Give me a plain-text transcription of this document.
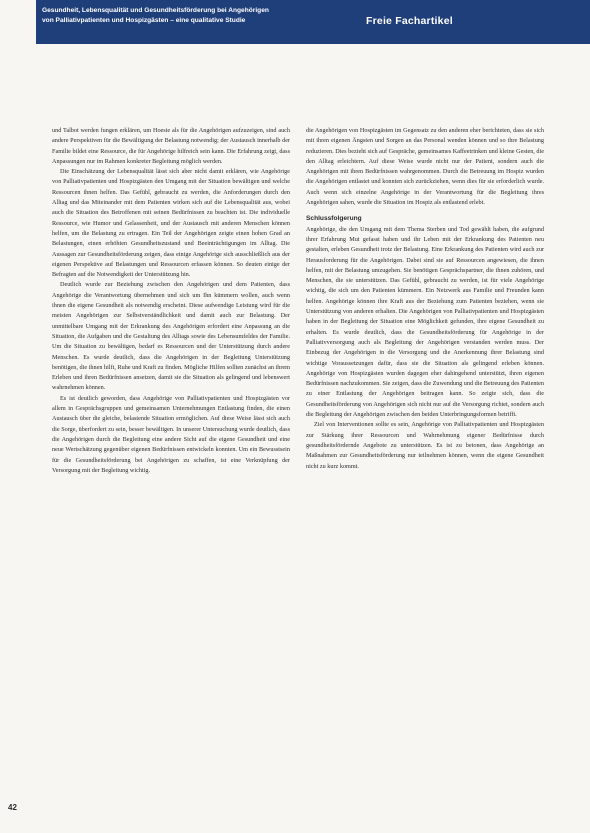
Gesundheit, Lebensqualität und Gesundheitsförderung bei Angehörigen
von Palliativpatienten und Hospizgästen – eine qualitative Studie	Freie Fachartikel

und Talbot werden fungen erklären, um Hoesie als für die Angehörigen aufzuzeigen, sind auch andere Perspektiven für die Bewältigung der Belastung notwendig; der Austausch innerhalb der Familie bildet eine Ressource, die für Angehörige hilfreich sein kann. Die Erfahrung zeigt, dass Anpassungen nur im Rahmen konkreter Begleitung möglich werden.

Die Einschätzung der Lebensqualität lässt sich aber nicht damit erklären, wie Angehörige von Palliativpatienten und Hospizgästen den Umgang mit der Situation bewältigen und welche Ressourcen ihnen helfen. Das Gefühl, gebraucht zu werden, die Anforderungen durch den Alltag und das Miteinander mit dem Patienten wirken sich auf die Lebensqualität aus, wobei auch die Situation des Betroffenen mit seinen Bedürfnissen zu beachten ist. Die individuelle Ressource, wie Humor und Gelassenheit, und der Austausch mit anderen Menschen können helfen, um die Belastung zu ertragen. Ein Teil der Angehörigen zeigte einen hohen Grad an Belastungen, einen erhöhten Gesundheitszustand und Beeinträchtigungen im Alltag. Die Aussagen zur Gesundheitsförderung zeigen, dass einige Angehörige sich ausschließlich aus der eigenen Perspektive auf Belastungen und Ressourcen erfassen können. So deuten einige der Befragten auf die Notwendigkeit der Unterstützung hin.

Deutlich wurde zur Beziehung zwischen den Angehörigen und dem Patienten, dass Angehörige die Verantwortung übernehmen und sich um Ihn kümmern wollen, auch wenn ihnen die eigene Gesundheit als notwendig erscheint. Diese aufwendige Leistung wird für die meisten Angehörigen zur Selbstverständlichkeit und damit auch zur Belastung. Der unmittelbare Umgang mit der Erkrankung des Angehörigen erfordert eine Anpassung an die Situation, die Aufgaben und die Gestaltung des Alltags sowie des Lebensumfeldes der Familie. Um die Situation zu bewältigen, bedarf es Ressourcen und der Unterstützung durch andere Menschen. Es wurde deutlich, dass die Angehörigen in der Begleitung Unterstützung benötigen, die ihnen hilft, Ruhe und Kraft zu finden. Mögliche Hilfen sollten zunächst an ihrem Erleben und ihren Bedürfnissen ansetzen, damit sie die Situation als gelingend und lebenswert wahrnehmen können.

Es ist deutlich geworden, dass Angehörige von Palliativpatienten und Hospizgästen vor allem in Gesprächsgruppen und gemeinsamen Unternehmungen Entlastung finden, die einen Austausch über die gleiche, belastende Situation ermöglichen. Auf diese Weise lässt sich auch die Sorge, überfordert zu sein, besser bewältigen. In unserer Untersuchung wurde deutlich, dass die Angehörigen durch die Begleitung eine andere Sicht auf die eigene Gesundheit und eine neue Wertschätzung gegenüber eigenen Bedürfnissen entwickeln konnten. Um ein Bewusstsein für die Gesundheitsförderung bei Angehörigen zu schaffen, ist eine Verknüpfung der Versorgung mit der Begleitung wichtig.

die Angehörigen von Hospizgästen im Gegensatz zu den anderen eher berichteten, dass sie sich mit ihren eigenen Ängsten und Sorgen an das Personal wenden können und so ihre Belastung reduzieren. Dies bezieht sich auf Gespräche, gemeinsames Kaffeetrinken und kleine Gesten, die den Alltag erleichtern. Auf diese Weise wurde nicht nur der Patient, sondern auch die Angehörigen mit ihren Bedürfnissen wahrgenommen. Durch die Betreuung im Hospiz wurden die Angehörigen entlastet und konnten sich zurückziehen, wenn dies für sie erforderlich wurde. Auch wenn sich einzelne Angehörige in der Verantwortung für die Begleitung ihres Angehörigen sahen, wurde die Situation im Hospiz als entlastend erlebt.

Schlussfolgerung

Angehörige, die den Umgang mit dem Thema Sterben und Tod gewählt haben, die aufgrund ihrer Erfahrung Mut gefasst haben und ihr Leben mit der Erkrankung des Patienten neu gestalten, erleben Gesundheit trotz der Belastung. Eine Erkrankung des Patienten wird auch zur Herausforderung für die Angehörigen. Dabei sind sie auf Ressourcen angewiesen, die ihnen helfen, mit der Belastung umzugehen. Sie benötigen Gesprächspartner, die ihnen zuhören, und Menschen, die sie unterstützen. Das Gefühl, gebraucht zu werden, ist für viele Angehörige wichtig, die sich um den Patienten kümmern. Ein Netzwerk aus Familie und Freunden kann helfen. Angehörige können ihre Kraft aus der Beziehung zum Patienten beziehen, wenn sie Unterstützung von anderen erhalten. Die Angehörigen von Palliativpatienten und Hospizgästen haben in der Begleitung der Situation eine Möglichkeit gefunden, ihre eigene Gesundheit zu erhalten. Es wurde deutlich, dass die Gesundheitsförderung für Angehörige in der Palliativversorgung auch als Begleitung der Angehörigen verstanden werden muss. Der Einbezug der Angehörigen in die Versorgung und die Anerkennung ihrer Belastung sind wichtige Voraussetzungen dafür, dass sie die Situation als gelingend erleben können. Angehörige von Hospizgästen wurden dagegen eher dahingehend unterstützt, ihren eigenen Bedürfnissen nachzukommen. Sie zeigen, dass die Zuwendung und die Betreuung des Patienten zu einer Entlastung der Angehörigen beitragen kann. So zeigte sich, dass die Gesundheitsförderung von Angehörigen sich nicht nur auf die Versorgung richtet, sondern auch die Begleitung der Angehörigen zwischen den beiden Unterbringungsformen betrifft.

Ziel von Interventionen sollte es sein, Angehörige von Palliativpatienten und Hospizgästen zur Stärkung ihrer Ressourcen und Wahrnehmung eigener Bedürfnisse durch gesundheitsfördernde Angebote zu unterstützen. Es ist zu betonen, dass Angehörige an Maßnahmen zur Gesundheitsförderung nur teilnehmen können, wenn die eigene Gesundheit nicht zu kurz kommt.

42
